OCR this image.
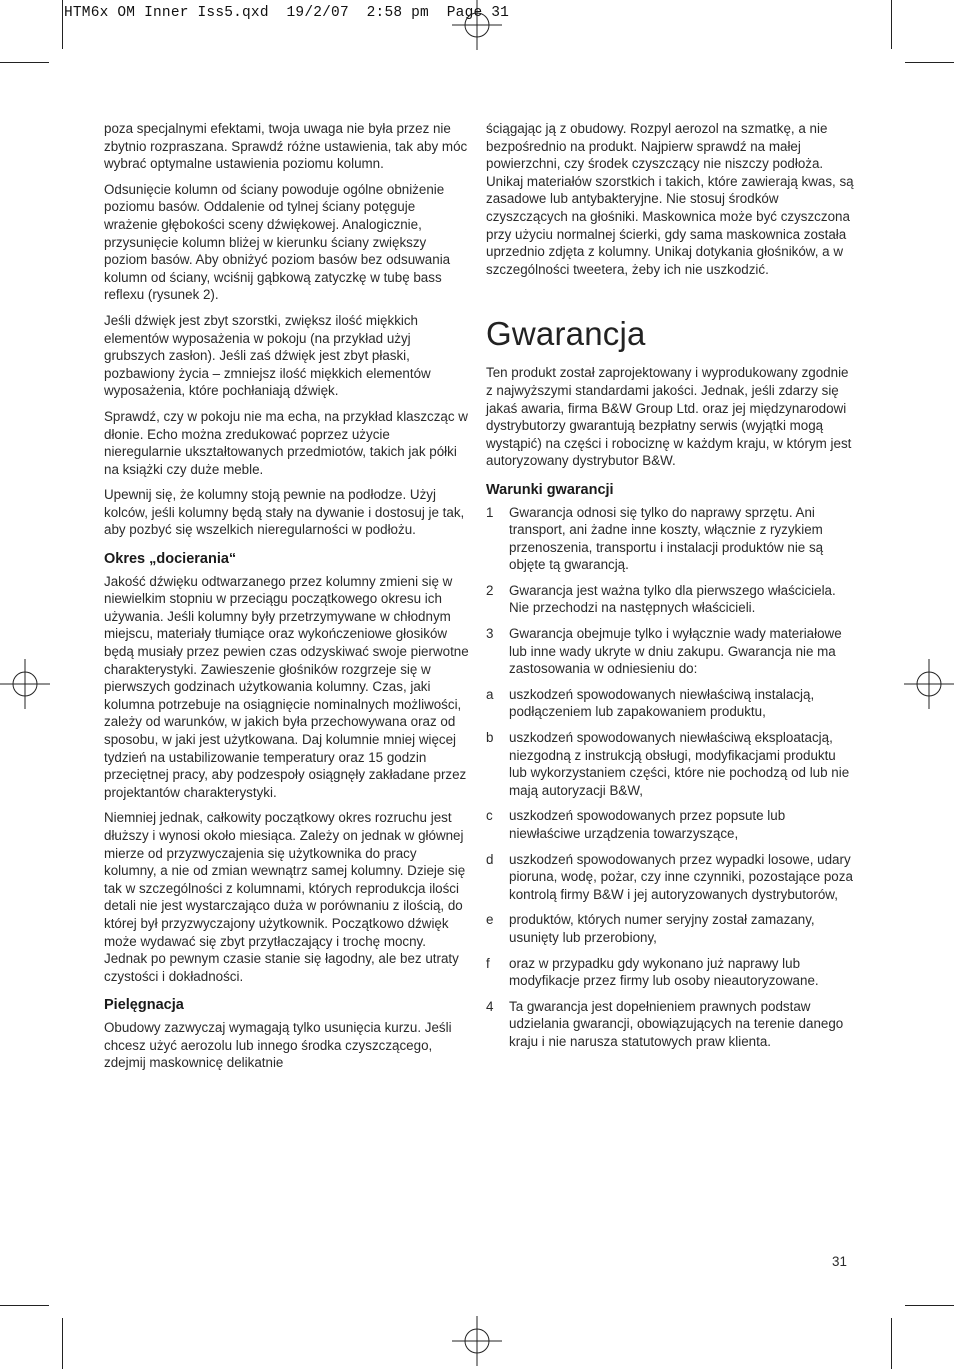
HTM6x OM Inner Iss5.qxd  19/2/07  2:58 pm  Page 31

poza specjalnymi efektami, twoja uwaga nie była przez nie zbytnio rozpraszana. Sprawdź różne ustawienia, tak aby móc wybrać optymalne ustawienia poziomu kolumn.

Odsunięcie kolumn od ściany powoduje ogólne obniżenie poziomu basów. Oddalenie od tylnej ściany potęguje wrażenie głębokości sceny dźwiękowej. Analogicznie, przysunięcie kolumn bliżej w kierunku ściany zwiększy poziom basów. Aby obniżyć poziom basów bez odsuwania kolumn od ściany, wciśnij gąbkową zatyczkę w tubę bass reflexu (rysunek 2).

Jeśli dźwięk jest zbyt szorstki, zwiększ ilość miękkich elementów wyposażenia w pokoju (na przykład użyj grubszych zasłon). Jeśli zaś dźwięk jest zbyt płaski, pozbawiony życia – zmniejsz ilość miękkich elementów wyposażenia, które pochłaniają dźwięk.

Sprawdź, czy w pokoju nie ma echa, na przykład klaszcząc w dłonie. Echo można zredukować poprzez użycie nieregularnie ukształtowanych przedmiotów, takich jak półki na książki czy duże meble.

Upewnij się, że kolumny stoją pewnie na podłodze. Użyj kolców, jeśli kolumny będą stały na dywanie i dostosuj je tak, aby pozbyć się wszelkich nieregularności w podłożu.

Okres „docierania“

Jakość dźwięku odtwarzanego przez kolumny zmieni się w niewielkim stopniu w przeciągu początkowego okresu ich używania. Jeśli kolumny były przetrzymywane w chłodnym miejscu, materiały tłumiące oraz wykończeniowe głosików będą musiały przez pewien czas odzyskiwać swoje pierwotne charakterystyki. Zawieszenie głośników rozgrzeje się w pierwszych godzinach użytkowania kolumny. Czas, jaki kolumna potrzebuje na osiągnięcie nominalnych możliwości, zależy od warunków, w jakich była przechowywana oraz od sposobu, w jaki jest użytkowana. Daj kolumnie mniej więcej tydzień na ustabilizowanie temperatury oraz 15 godzin przeciętnej pracy, aby podzespoły osiągnęły zakładane przez projektantów charakterystyki.

Niemniej jednak, całkowity początkowy okres rozruchu jest dłuższy i wynosi około miesiąca. Zależy on jednak w głównej mierze od przyzwyczajenia się użytkownika do pracy kolumny, a nie od zmian wewnątrz samej kolumny. Dzieje się tak w szczególności z kolumnami, których reprodukcja ilości detali nie jest wystarczająco duża w porównaniu z ilością, do której był przyzwyczajony użytkownik. Początkowo dźwięk może wydawać się zbyt przytłaczający i trochę mocny. Jednak po pewnym czasie stanie się łagodny, ale bez utraty czystości i dokładności.

Pielęgnacja

Obudowy zazwyczaj wymagają tylko usunięcia kurzu. Jeśli chcesz użyć aerozolu lub innego środka czyszczącego, zdejmij maskownicę delikatnie

ściągając ją z obudowy. Rozpyl aerozol na szmatkę, a nie bezpośrednio na produkt. Najpierw sprawdź na małej powierzchni, czy środek czyszczący nie niszczy podłoża. Unikaj materiałów szorstkich i takich, które zawierają kwas, są zasadowe lub antybakteryjne. Nie stosuj środków czyszczących na głośniki. Maskownica może być czyszczona przy użyciu normalnej ścierki, gdy sama maskownica została uprzednio zdjęta z kolumny. Unikaj dotykania głośników, a w szczególności tweetera, żeby ich nie uszkodzić.

Gwarancja

Ten produkt został zaprojektowany i wyprodukowany zgodnie z najwyższymi standardami jakości. Jednak, jeśli zdarzy się jakaś awaria, firma B&W Group Ltd. oraz jej międzynarodowi dystrybutorzy gwarantują bezpłatny serwis (wyjątki mogą wystąpić) na części i robociznę w każdym kraju, w którym jest autoryzowany dystrybutor B&W.

Warunki gwarancji
1	Gwarancja odnosi się tylko do naprawy sprzętu. Ani transport, ani żadne inne koszty, włącznie z ryzykiem przenoszenia, transportu i instalacji produktów nie są objęte tą gwarancją.
2	Gwarancja jest ważna tylko dla pierwszego właściciela. Nie przechodzi na następnych właścicieli.
3	Gwarancja obejmuje tylko i wyłącznie wady materiałowe lub inne wady ukryte w dniu zakupu. Gwarancja nie ma zastosowania w odniesieniu do:
a	uszkodzeń spowodowanych niewłaściwą instalacją, podłączeniem lub zapakowaniem produktu,
b	uszkodzeń spowodowanych niewłaściwą eksploatacją, niezgodną z instrukcją obsługi, modyfikacjami produktu lub wykorzystaniem części, które nie pochodzą od lub nie mają autoryzacji B&W,
c	uszkodzeń spowodowanych przez popsute lub niewłaściwe urządzenia towarzyszące,
d	uszkodzeń spowodowanych przez wypadki losowe, udary pioruna, wodę, pożar, czy inne czynniki, pozostające poza kontrolą firmy B&W i jej autoryzowanych dystrybutorów,
e	produktów, których numer seryjny został zamazany, usunięty lub przerobiony,
f	oraz w przypadku gdy wykonano już naprawy lub modyfikacje przez firmy lub osoby nieautoryzowane.
4	Ta gwarancja jest dopełnieniem prawnych podstaw udzielania gwarancji, obowiązujących na terenie danego kraju i nie narusza statutowych praw klienta.
31
